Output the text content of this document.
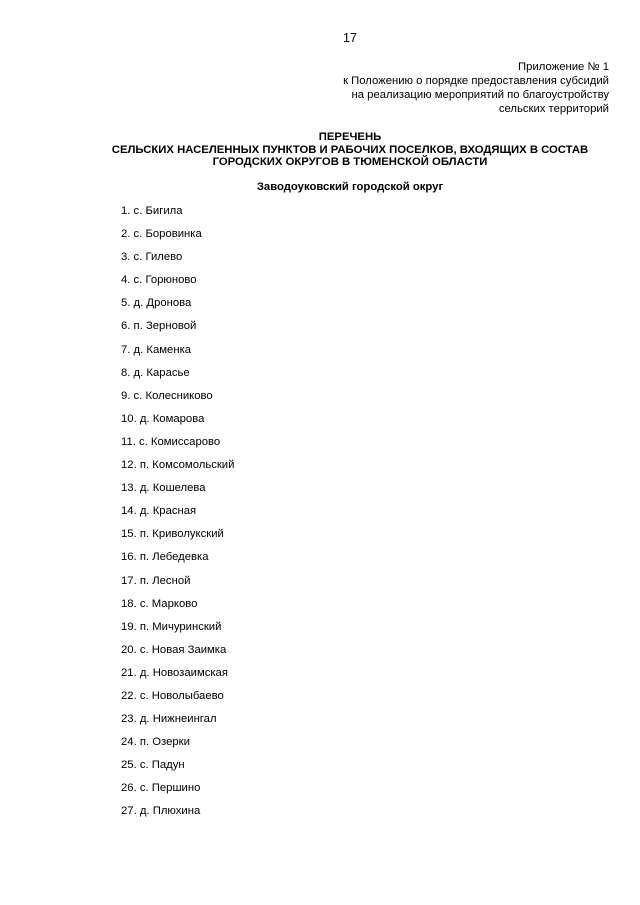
17
Приложение № 1
к Положению о порядке предоставления субсидий
на реализацию мероприятий по благоустройству
сельских территорий
ПЕРЕЧЕНЬ
СЕЛЬСКИХ НАСЕЛЕННЫХ ПУНКТОВ И РАБОЧИХ ПОСЕЛКОВ, ВХОДЯЩИХ В СОСТАВ
ГОРОДСКИХ ОКРУГОВ В ТЮМЕНСКОЙ ОБЛАСТИ
Заводоуковский городской округ
1. с. Бигила
2. с. Боровинка
3. с. Гилево
4. с. Горюново
5. д. Дронова
6. п. Зерновой
7. д. Каменка
8. д. Карасье
9. с. Колесниково
10. д. Комарова
11. с. Комиссарово
12. п. Комсомольский
13. д. Кошелева
14. д. Красная
15. п. Криволукский
16. п. Лебедевка
17. п. Лесной
18. с. Марково
19. п. Мичуринский
20. с. Новая Заимка
21. д. Новозаимская
22. с. Новолыбаево
23. д. Нижнеингал
24. п. Озерки
25. с. Падун
26. с. Першино
27. д. Плюхина
